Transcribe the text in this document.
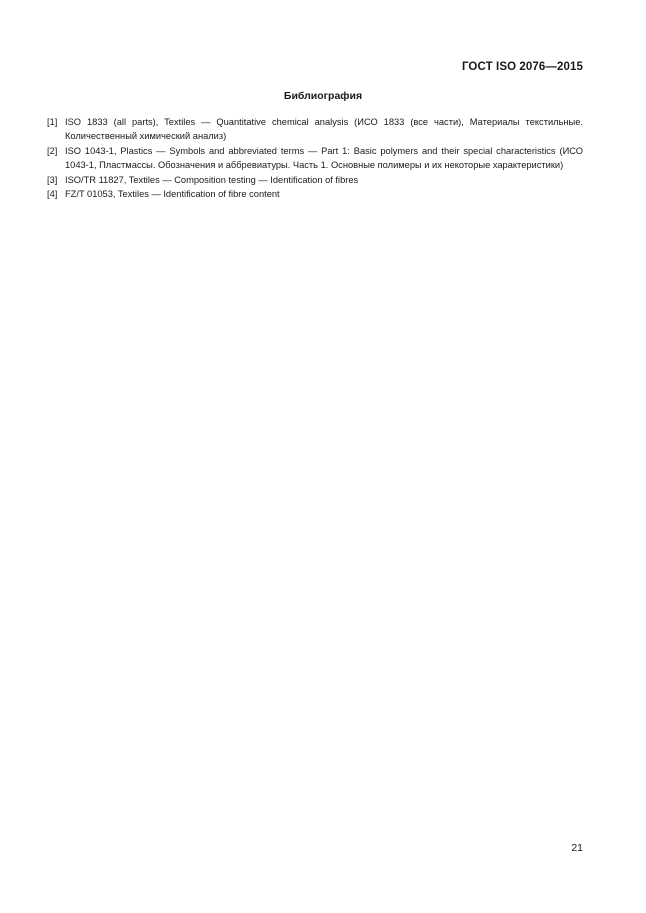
ГОСТ ISO 2076—2015
Библиография
[1] ISO 1833 (all parts), Textiles — Quantitative chemical analysis (ИСО 1833 (все части), Материалы текстильные. Количественный химический анализ)
[2] ISO 1043-1, Plastics — Symbols and abbreviated terms — Part 1: Basic polymers and their special characteristics (ИСО 1043-1, Пластмассы. Обозначения и аббревиатуры. Часть 1. Основные полимеры и их некоторые характеристики)
[3] ISO/TR 11827, Textiles — Composition testing — Identification of fibres
[4] FZ/T 01053, Textiles — Identification of fibre content
21
